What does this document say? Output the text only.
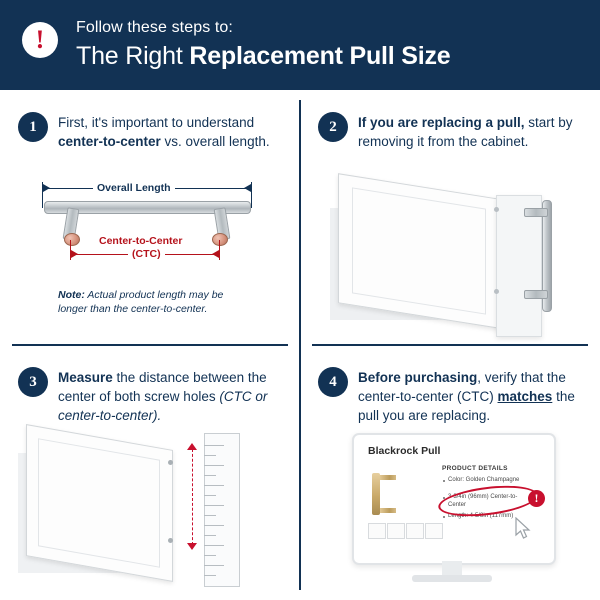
!	Follow these steps to:
The Right Replacement Pull Size
1	First, it's important to understand center-to-center vs. overall length.
Overall Length
Center-to-Center
(CTC)
Note: Actual product length may be longer than the center-to-center.
2	If you are replacing a pull, start by removing it from the cabinet.
3	Measure the distance between the center of both screw holes (CTC or center-to-center).
4	Before purchasing, verify that the center-to-center (CTC) matches the pull you are replacing.
Blackrock Pull
PRODUCT DETAILS
Color: Golden Champagne
3-3/4in (96mm) Center-to-Center
Length: 4-5/8in (117mm)
!
